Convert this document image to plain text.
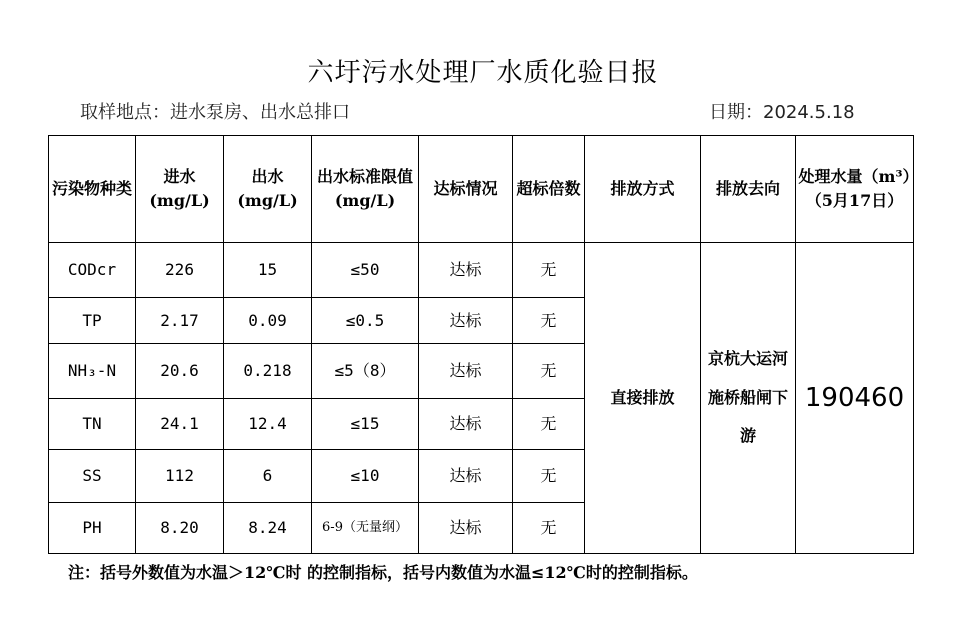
六圩污水处理厂水质化验日报
取样地点：进水泵房、出水总排口	日期：2024.5.18
污染物种类	进水(mg/L)	出水(mg/L)	出水标准限值(mg/L)	达标情况	超标倍数	排放方式	排放去向	处理水量（m³）（5月17日）
CODcr	226	15	≤50	达标	无	直接排放	京杭大运河施桥船闸下游	190460
TP	2.17	0.09	≤0.5	达标	无			
NH₃-N	20.6	0.218	≤5（8）	达标	无			
TN	24.1	12.4	≤15	达标	无			
SS	112	6	≤10	达标	无			
PH	8.20	8.24	6-9（无量纲）	达标	无			
注：括号外数值为水温＞12℃时 的控制指标，括号内数值为水温≤12℃时的控制指标。
